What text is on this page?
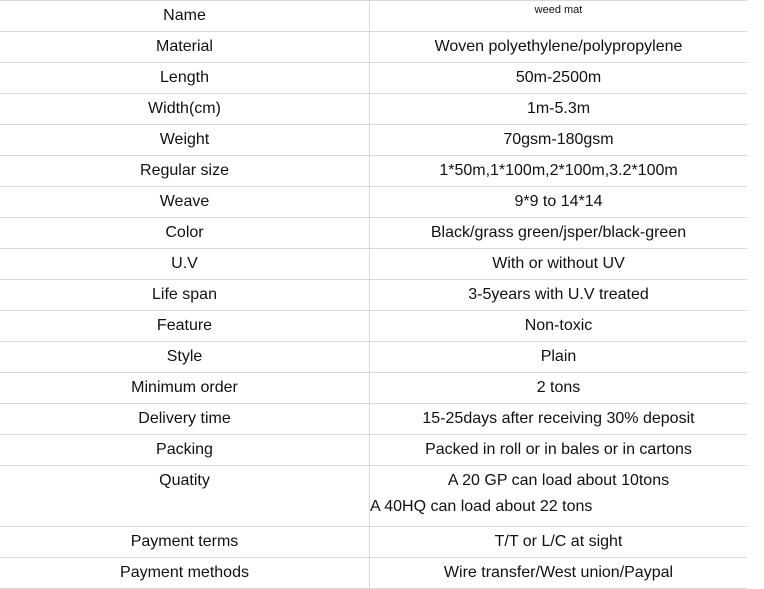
Name	weed mat
Material	Woven polyethylene/polypropylene
Length	50m-2500m
Width(cm)	1m-5.3m
Weight	70gsm-180gsm
Regular size	1*50m,1*100m,2*100m,3.2*100m
Weave	9*9 to 14*14
Color	Black/grass green/jsper/black-green
U.V	With or without UV
Life span	3-5years with U.V treated
Feature	Non-toxic
Style	Plain
Minimum order	2 tons
Delivery time	15-25days after receiving 30% deposit
Packing	Packed in roll or in bales or in cartons
Quatity	A 20 GP can load about 10tons
A 40HQ can load about 22 tons

Payment terms	T/T or L/C at sight
Payment methods	Wire transfer/West union/Paypal
